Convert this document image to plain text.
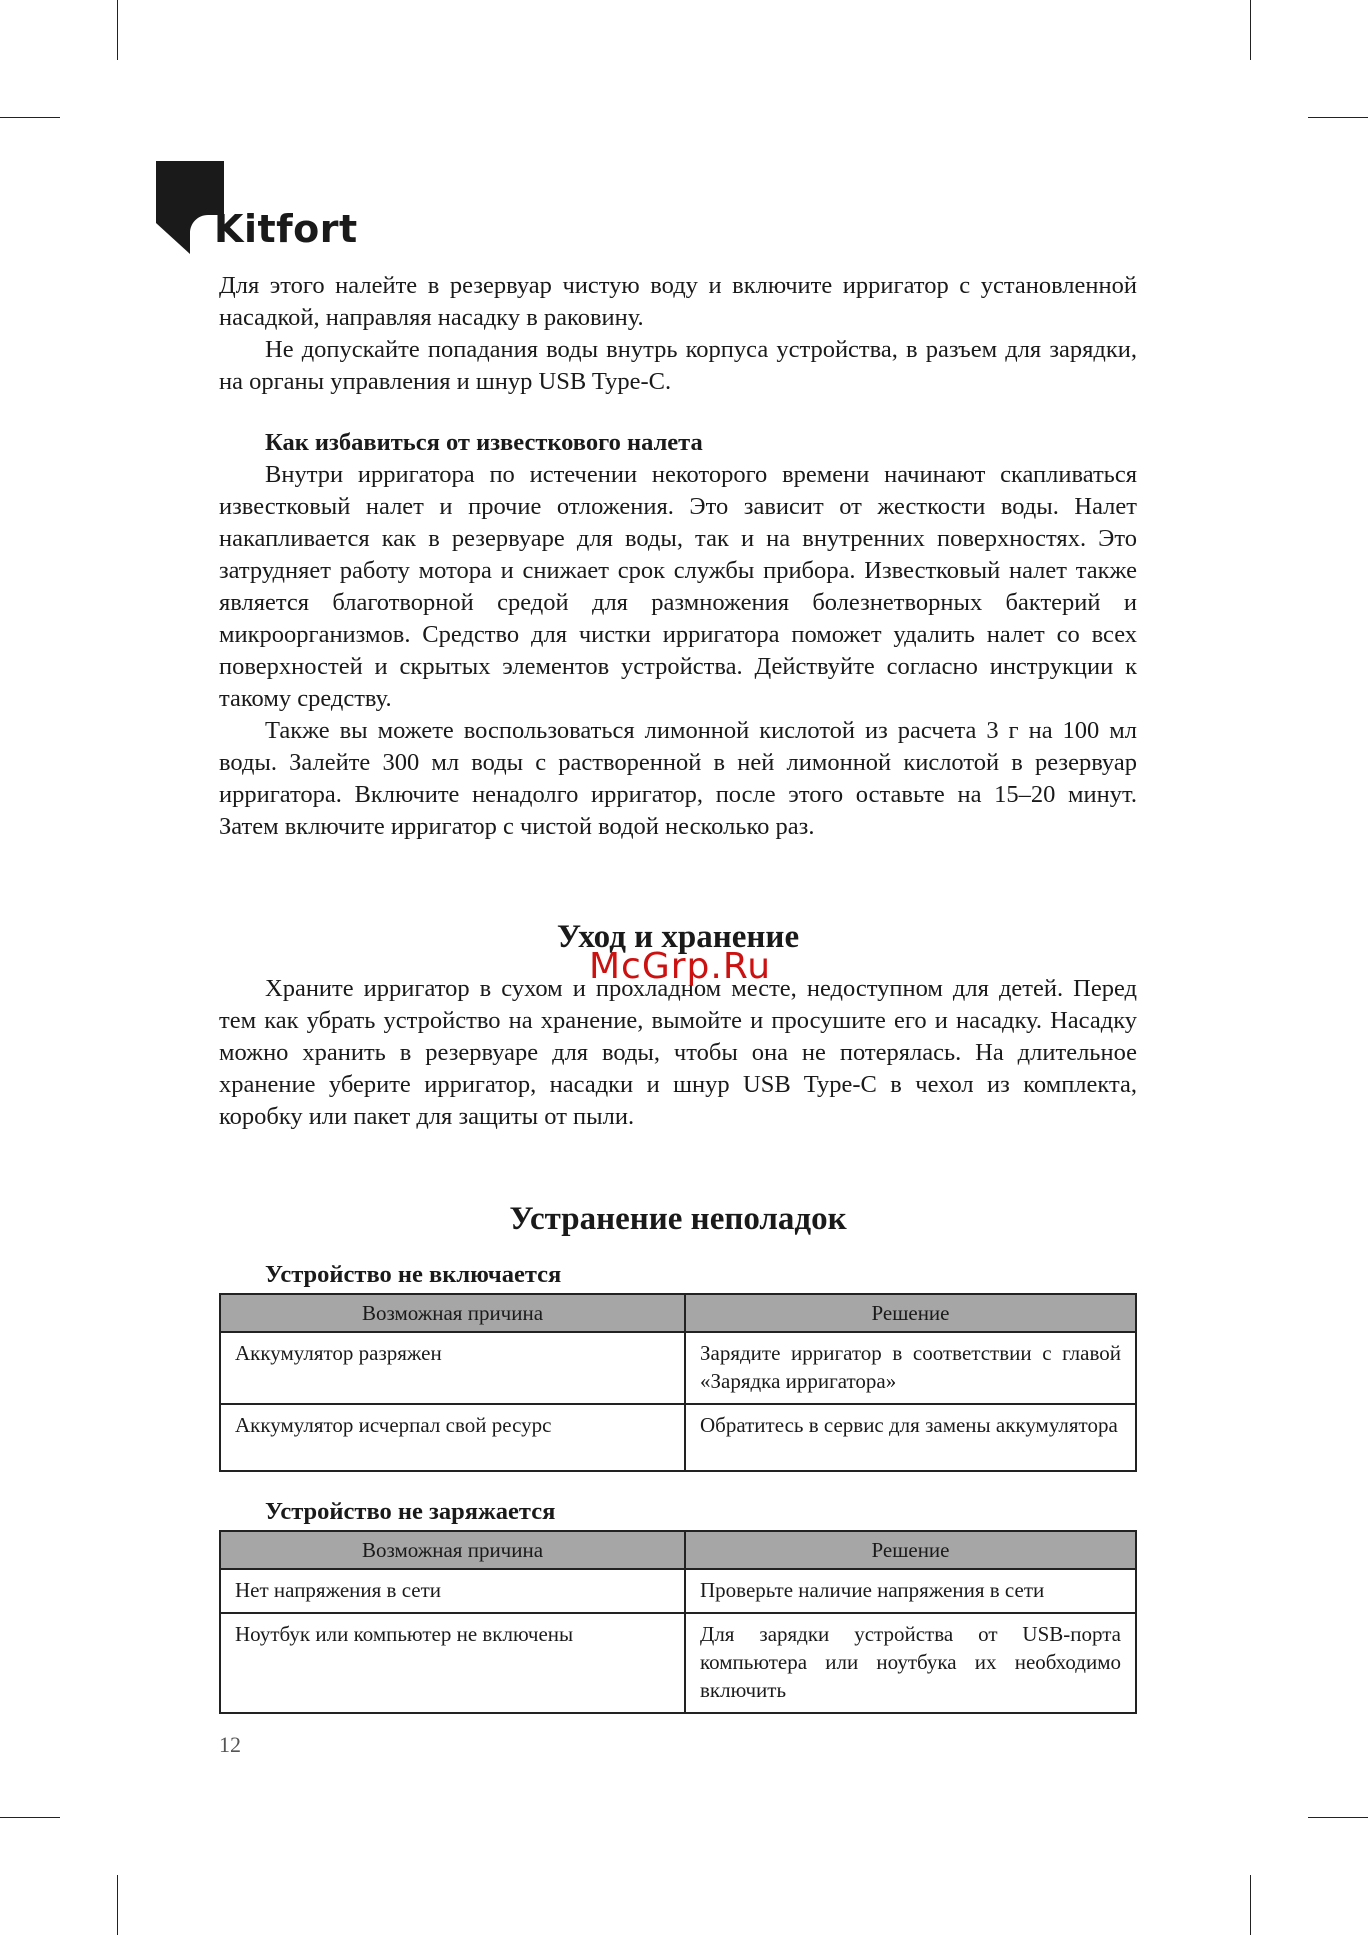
Kitfort

Для этого налейте в резервуар чистую воду и включите ирригатор с установленной насадкой, направляя насадку в раковину.

Не допускайте попадания воды внутрь корпуса устройства, в разъем для зарядки, на органы управления и шнур USB Type-C.

Как избавиться от известкового налета

Внутри ирригатора по истечении некоторого времени начинают скапливаться известковый налет и прочие отложения. Это зависит от жесткости воды. Налет накапливается как в резервуаре для воды, так и на внутренних поверхностях. Это затрудняет работу мотора и снижает срок службы прибора. Известковый налет также является благотворной средой для размножения болезнетворных бактерий и микроорганизмов. Средство для чистки ирригатора поможет удалить налет со всех поверхностей и скрытых элементов устройства. Действуйте согласно инструкции к такому средству.

Также вы можете воспользоваться лимонной кислотой из расчета 3 г на 100 мл воды. Залейте 300 мл воды с растворенной в ней лимонной кислотой в резервуар ирригатора. Включите ненадолго ирригатор, после этого оставьте на 15–20 минут. Затем включите ирригатор с чистой водой несколько раз.

Уход и хранение

Храните ирригатор в сухом и прохладном месте, недоступном для детей. Перед тем как убрать устройство на хранение, вымойте и просушите его и насадку. Насадку можно хранить в резервуаре для воды, чтобы она не потерялась. На длительное хранение уберите ирригатор, насадки и шнур USB Type-C в чехол из комплекта, коробку или пакет для защиты от пыли.

McGrp.Ru
Устранение неполадок
Устройство не включается
Возможная причина	Решение
Аккумулятор разряжен	Зарядите ирригатор в соответствии с главой «Зарядка ирригатора»
Аккумулятор исчерпал свой ресурс	Обратитесь в сервис для замены аккумулятора
Устройство не заряжается
Возможная причина	Решение
Нет напряжения в сети	Проверьте наличие напряжения в сети
Ноутбук или компьютер не включены	Для зарядки устройства от USB-порта компьютера или ноутбука их необходимо включить
12
